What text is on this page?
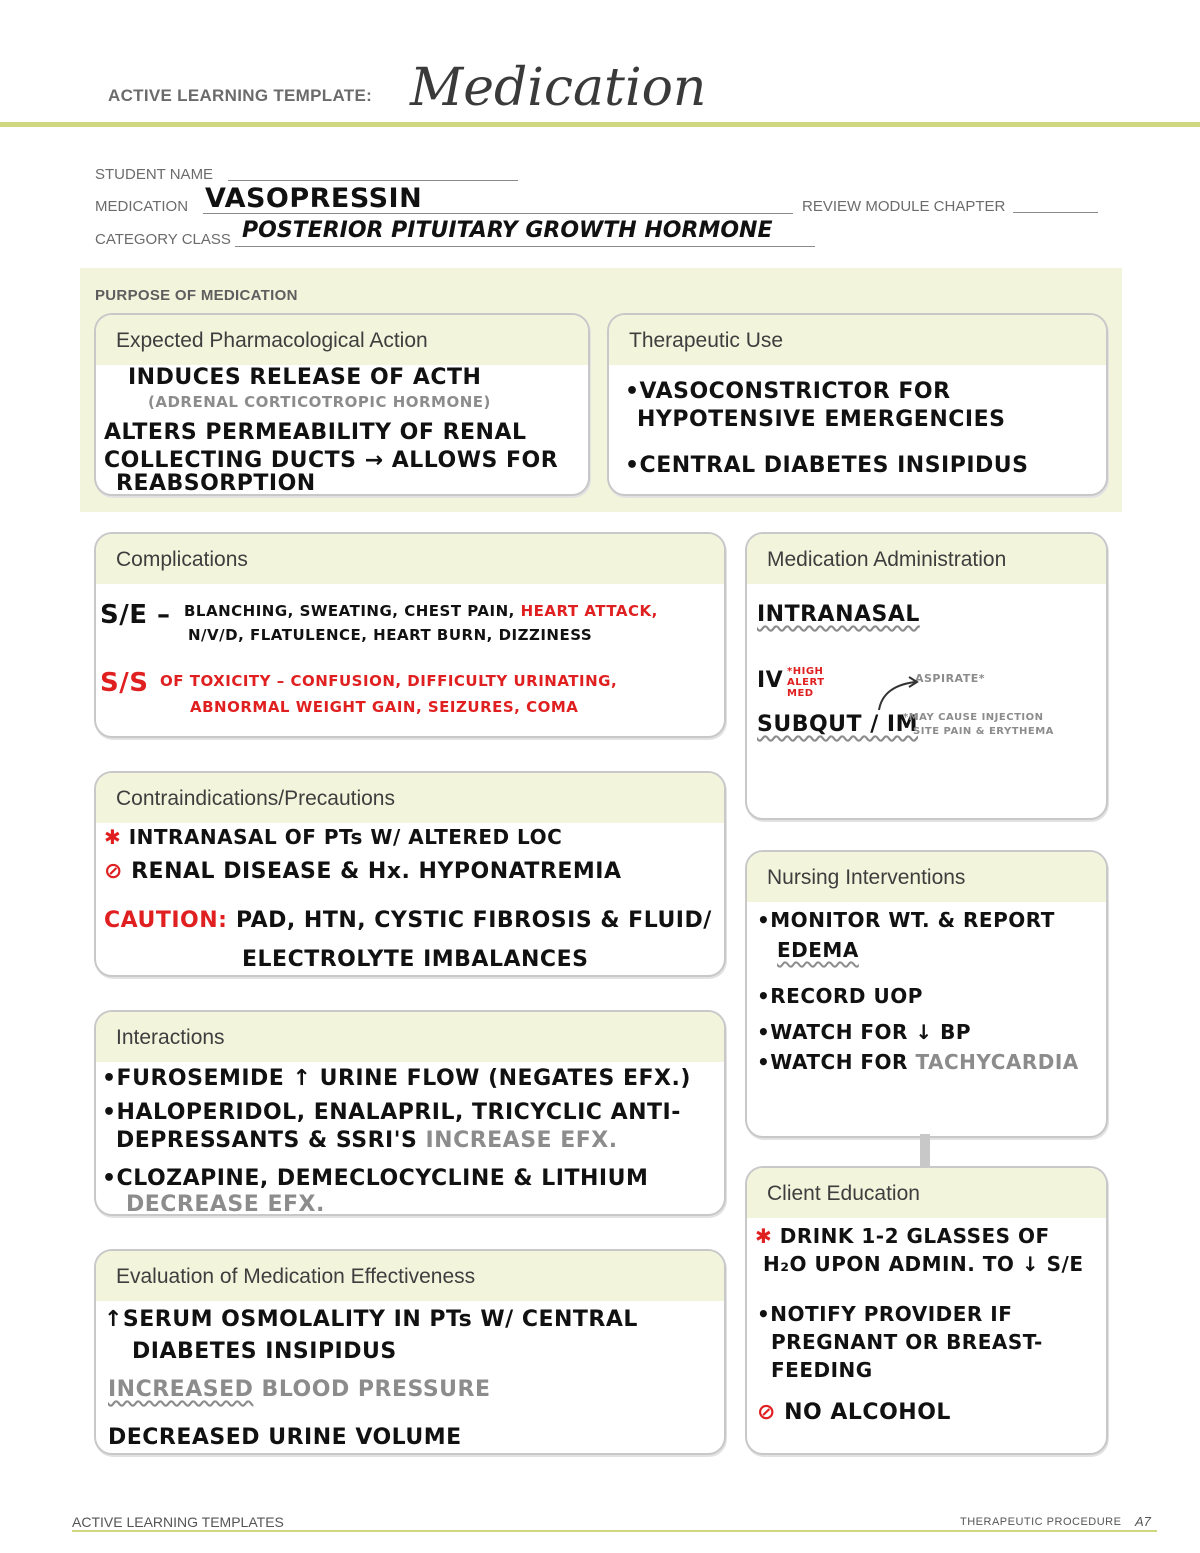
ACTIVE LEARNING TEMPLATE: Medication
STUDENT NAME
MEDICATION VASOPRESSIN	REVIEW MODULE CHAPTER
CATEGORY CLASS POSTERIOR PITUITARY GROWTH HORMONE
PURPOSE OF MEDICATION
Expected Pharmacological Action
INDUCES RELEASE OF ACTH
(ADRENAL CORTICOTROPIC HORMONE)
ALTERS PERMEABILITY OF RENAL
COLLECTING DUCTS → ALLOWS FOR
REABSORPTION
Therapeutic Use
•VASOCONSTRICTOR FOR
HYPOTENSIVE EMERGENCIES
•CENTRAL DIABETES INSIPIDUS
Complications
S/E – BLANCHING, SWEATING, CHEST PAIN, HEART ATTACK,
N/V/D, FLATULENCE, HEART BURN, DIZZINESS
S/S OF TOXICITY – CONFUSION, DIFFICULTY URINATING,
ABNORMAL WEIGHT GAIN, SEIZURES, COMA
Contraindications/Precautions
✱ INTRANASAL OF PTs W/ ALTERED LOC
⊘ RENAL DISEASE & Hx. HYPONATREMIA
CAUTION: PAD, HTN, CYSTIC FIBROSIS & FLUID/
ELECTROLYTE IMBALANCES
Interactions
•FUROSEMIDE ↑ URINE FLOW (NEGATES EFX.)
•HALOPERIDOL, ENALAPRIL, TRICYCLIC ANTI-
DEPRESSANTS & SSRI'S INCREASE EFX.
•CLOZAPINE, DEMECLOCYCLINE & LITHIUM
DECREASE EFX.
Evaluation of Medication Effectiveness
↑SERUM OSMOLALITY IN PTs W/ CENTRAL
DIABETES INSIPIDUS
INCREASED BLOOD PRESSURE
DECREASED URINE VOLUME
Medication Administration
INTRANASAL
IV *HIGH ALERT MED
ASPIRATE*
SUBQUT / IM
*MAY CAUSE INJECTION
SITE PAIN & ERYTHEMA
Nursing Interventions
•MONITOR WT. & REPORT
EDEMA
•RECORD UOP
•WATCH FOR ↓ BP
•WATCH FOR TACHYCARDIA
Client Education
✱ DRINK 1-2 GLASSES OF
H₂O UPON ADMIN. TO ↓ S/E
•NOTIFY PROVIDER IF
PREGNANT OR BREAST-
FEEDING
⊘ NO ALCOHOL
ACTIVE LEARNING TEMPLATES	THERAPEUTIC PROCEDURE A7
